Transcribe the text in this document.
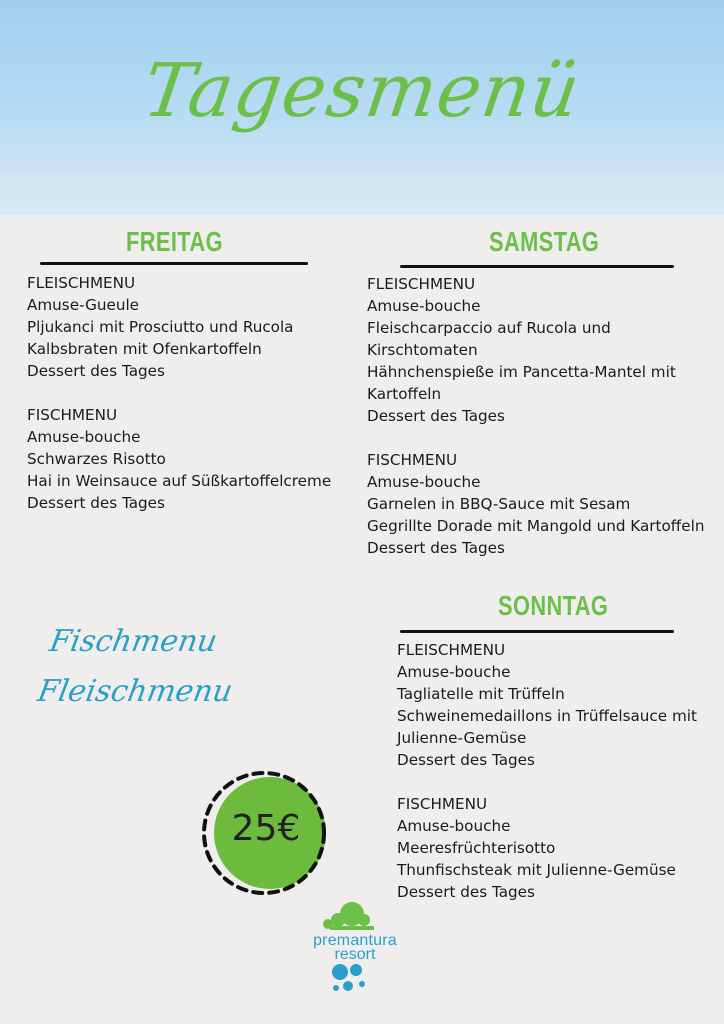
Tagesmenü
FREITAG
FLEISCHMENU
Amuse-Gueule
Pljukanci mit Prosciutto und Rucola
Kalbsbraten mit Ofenkartoffeln
Dessert des Tages
FISCHMENU
Amuse-bouche
Schwarzes Risotto
Hai in Weinsauce auf Süßkartoffelcreme
Dessert des Tages
SAMSTAG
FLEISCHMENU
Amuse-bouche
Fleischcarpaccio auf Rucola und
Kirschtomaten
Hähnchenspieße im Pancetta-Mantel mit
Kartoffeln
Dessert des Tages
FISCHMENU
Amuse-bouche
Garnelen in BBQ-Sauce mit Sesam
Gegrillte Dorade mit Mangold und Kartoffeln
Dessert des Tages
SONNTAG
FLEISCHMENU
Amuse-bouche
Tagliatelle mit Trüffeln
Schweinemedaillons in Trüffelsauce mit
Julienne-Gemüse
Dessert des Tages
FISCHMENU
Amuse-bouche
Meeresfrüchterisotto
Thunfischsteak mit Julienne-Gemüse
Dessert des Tages
Fischmenu
Fleischmenu
25€
premantura
resort
